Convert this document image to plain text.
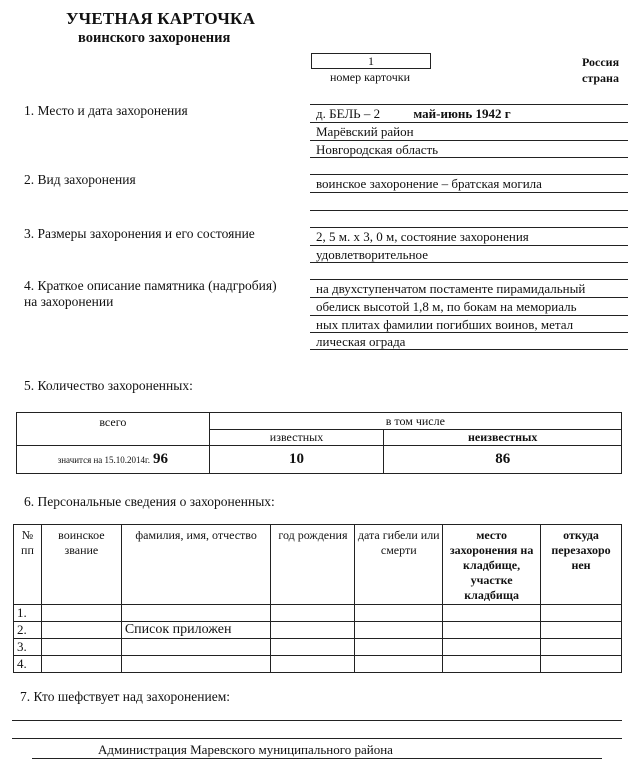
УЧЕТНАЯ КАРТОЧКА
воинского захоронения
1
номер карточки
Россия
страна
1. Место и дата захоронения	д. БЕЛЬ – 2	май-июнь 1942 г
Марёвский район
Новгородская область
2. Вид захоронения	воинское захоронение – братская могила
3. Размеры захоронения и его состояние	2, 5 м. х 3, 0 м, состояние захоронения
удовлетворительное
4. Краткое описание памятника (надгробия)
на захоронении
на двухступенчатом постаменте пирамидальный
обелиск высотой 1,8 м, по бокам на мемориаль
ных плитах фамилии погибших воинов, метал
лическая ограда
5. Количество захороненных:
всего	в том числе	
	известных	неизвестных
значится на 15.10.2014г. 96	10	86
6. Персональные сведения о захороненных:
№ пп	воинское звание	фамилия, имя, отчество	год рождения	дата гибели или смерти	место захоронения на кладбище, участке кладбища	откуда перезахоро нен
1.						
2.		Список приложен				
3.						
4.						
7. Кто шефствует над захоронением:
Администрация Маревского муниципального района
